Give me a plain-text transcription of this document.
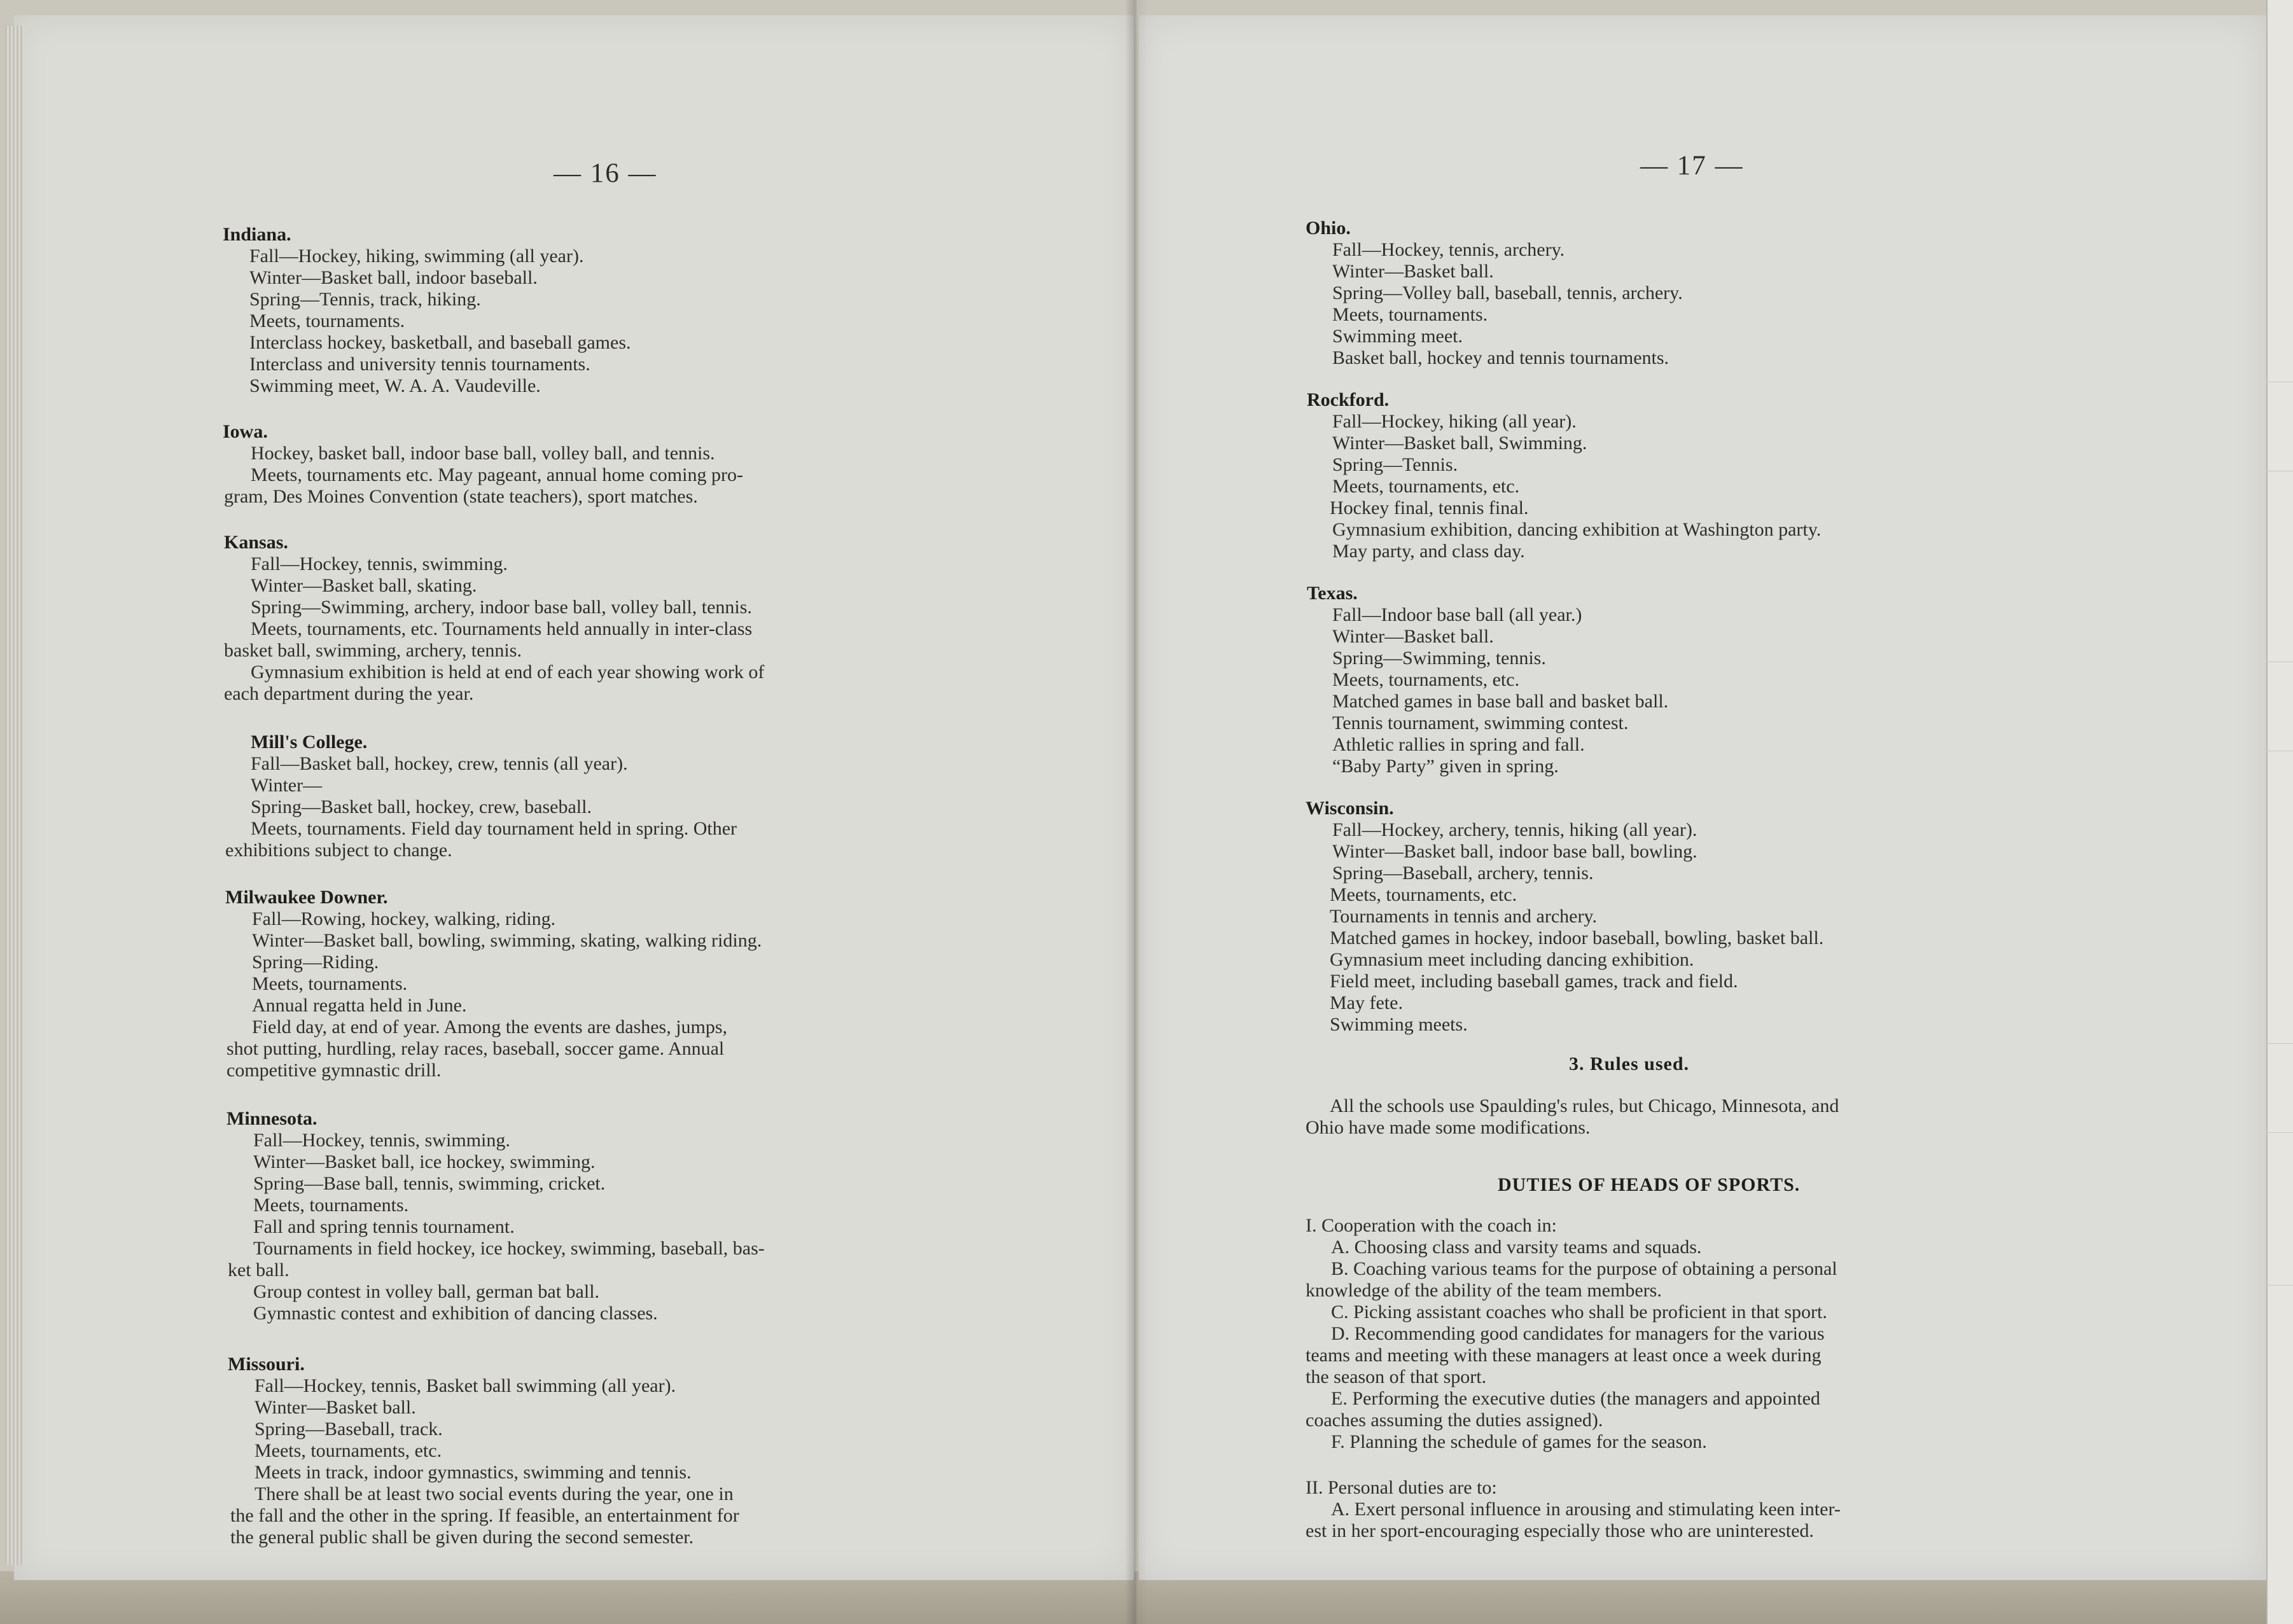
— 16 —	— 17 —
Indiana.
Fall—Hockey, hiking, swimming (all year).
Winter—Basket ball, indoor baseball.
Spring—Tennis, track, hiking.
Meets, tournaments.
Interclass hockey, basketball, and baseball games.
Interclass and university tennis tournaments.
Swimming meet, W. A. A. Vaudeville.
Iowa.
Hockey, basket ball, indoor base ball, volley ball, and tennis.
Meets, tournaments etc. May pageant, annual home coming pro-
gram, Des Moines Convention (state teachers), sport matches.
Kansas.
Fall—Hockey, tennis, swimming.
Winter—Basket ball, skating.
Spring—Swimming, archery, indoor base ball, volley ball, tennis.
Meets, tournaments, etc. Tournaments held annually in inter-class
basket ball, swimming, archery, tennis.
Gymnasium exhibition is held at end of each year showing work of
each department during the year.
Mill's College.
Fall—Basket ball, hockey, crew, tennis (all year).
Winter—
Spring—Basket ball, hockey, crew, baseball.
Meets, tournaments. Field day tournament held in spring. Other
exhibitions subject to change.
Milwaukee Downer.
Fall—Rowing, hockey, walking, riding.
Winter—Basket ball, bowling, swimming, skating, walking riding.
Spring—Riding.
Meets, tournaments.
Annual regatta held in June.
Field day, at end of year. Among the events are dashes, jumps,
shot putting, hurdling, relay races, baseball, soccer game. Annual
competitive gymnastic drill.
Minnesota.
Fall—Hockey, tennis, swimming.
Winter—Basket ball, ice hockey, swimming.
Spring—Base ball, tennis, swimming, cricket.
Meets, tournaments.
Fall and spring tennis tournament.
Tournaments in field hockey, ice hockey, swimming, baseball, bas-
ket ball.
Group contest in volley ball, german bat ball.
Gymnastic contest and exhibition of dancing classes.
Missouri.
Fall—Hockey, tennis, Basket ball swimming (all year).
Winter—Basket ball.
Spring—Baseball, track.
Meets, tournaments, etc.
Meets in track, indoor gymnastics, swimming and tennis.
There shall be at least two social events during the year, one in
the fall and the other in the spring. If feasible, an entertainment for
the general public shall be given during the second semester.
Ohio.
Fall—Hockey, tennis, archery.
Winter—Basket ball.
Spring—Volley ball, baseball, tennis, archery.
Meets, tournaments.
Swimming meet.
Basket ball, hockey and tennis tournaments.
Rockford.
Fall—Hockey, hiking (all year).
Winter—Basket ball, Swimming.
Spring—Tennis.
Meets, tournaments, etc.
Hockey final, tennis final.
Gymnasium exhibition, dancing exhibition at Washington party.
May party, and class day.
Texas.
Fall—Indoor base ball (all year.)
Winter—Basket ball.
Spring—Swimming, tennis.
Meets, tournaments, etc.
Matched games in base ball and basket ball.
Tennis tournament, swimming contest.
Athletic rallies in spring and fall.
“Baby Party” given in spring.
Wisconsin.
Fall—Hockey, archery, tennis, hiking (all year).
Winter—Basket ball, indoor base ball, bowling.
Spring—Baseball, archery, tennis.
Meets, tournaments, etc.
Tournaments in tennis and archery.
Matched games in hockey, indoor baseball, bowling, basket ball.
Gymnasium meet including dancing exhibition.
Field meet, including baseball games, track and field.
May fete.
Swimming meets.
3. Rules used.
All the schools use Spaulding's rules, but Chicago, Minnesota, and
Ohio have made some modifications.
DUTIES OF HEADS OF SPORTS.
I. Cooperation with the coach in:
A. Choosing class and varsity teams and squads.
B. Coaching various teams for the purpose of obtaining a personal
knowledge of the ability of the team members.
C. Picking assistant coaches who shall be proficient in that sport.
D. Recommending good candidates for managers for the various
teams and meeting with these managers at least once a week during
the season of that sport.
E. Performing the executive duties (the managers and appointed
coaches assuming the duties assigned).
F. Planning the schedule of games for the season.
II. Personal duties are to:
A. Exert personal influence in arousing and stimulating keen inter-
est in her sport-encouraging especially those who are uninterested.
